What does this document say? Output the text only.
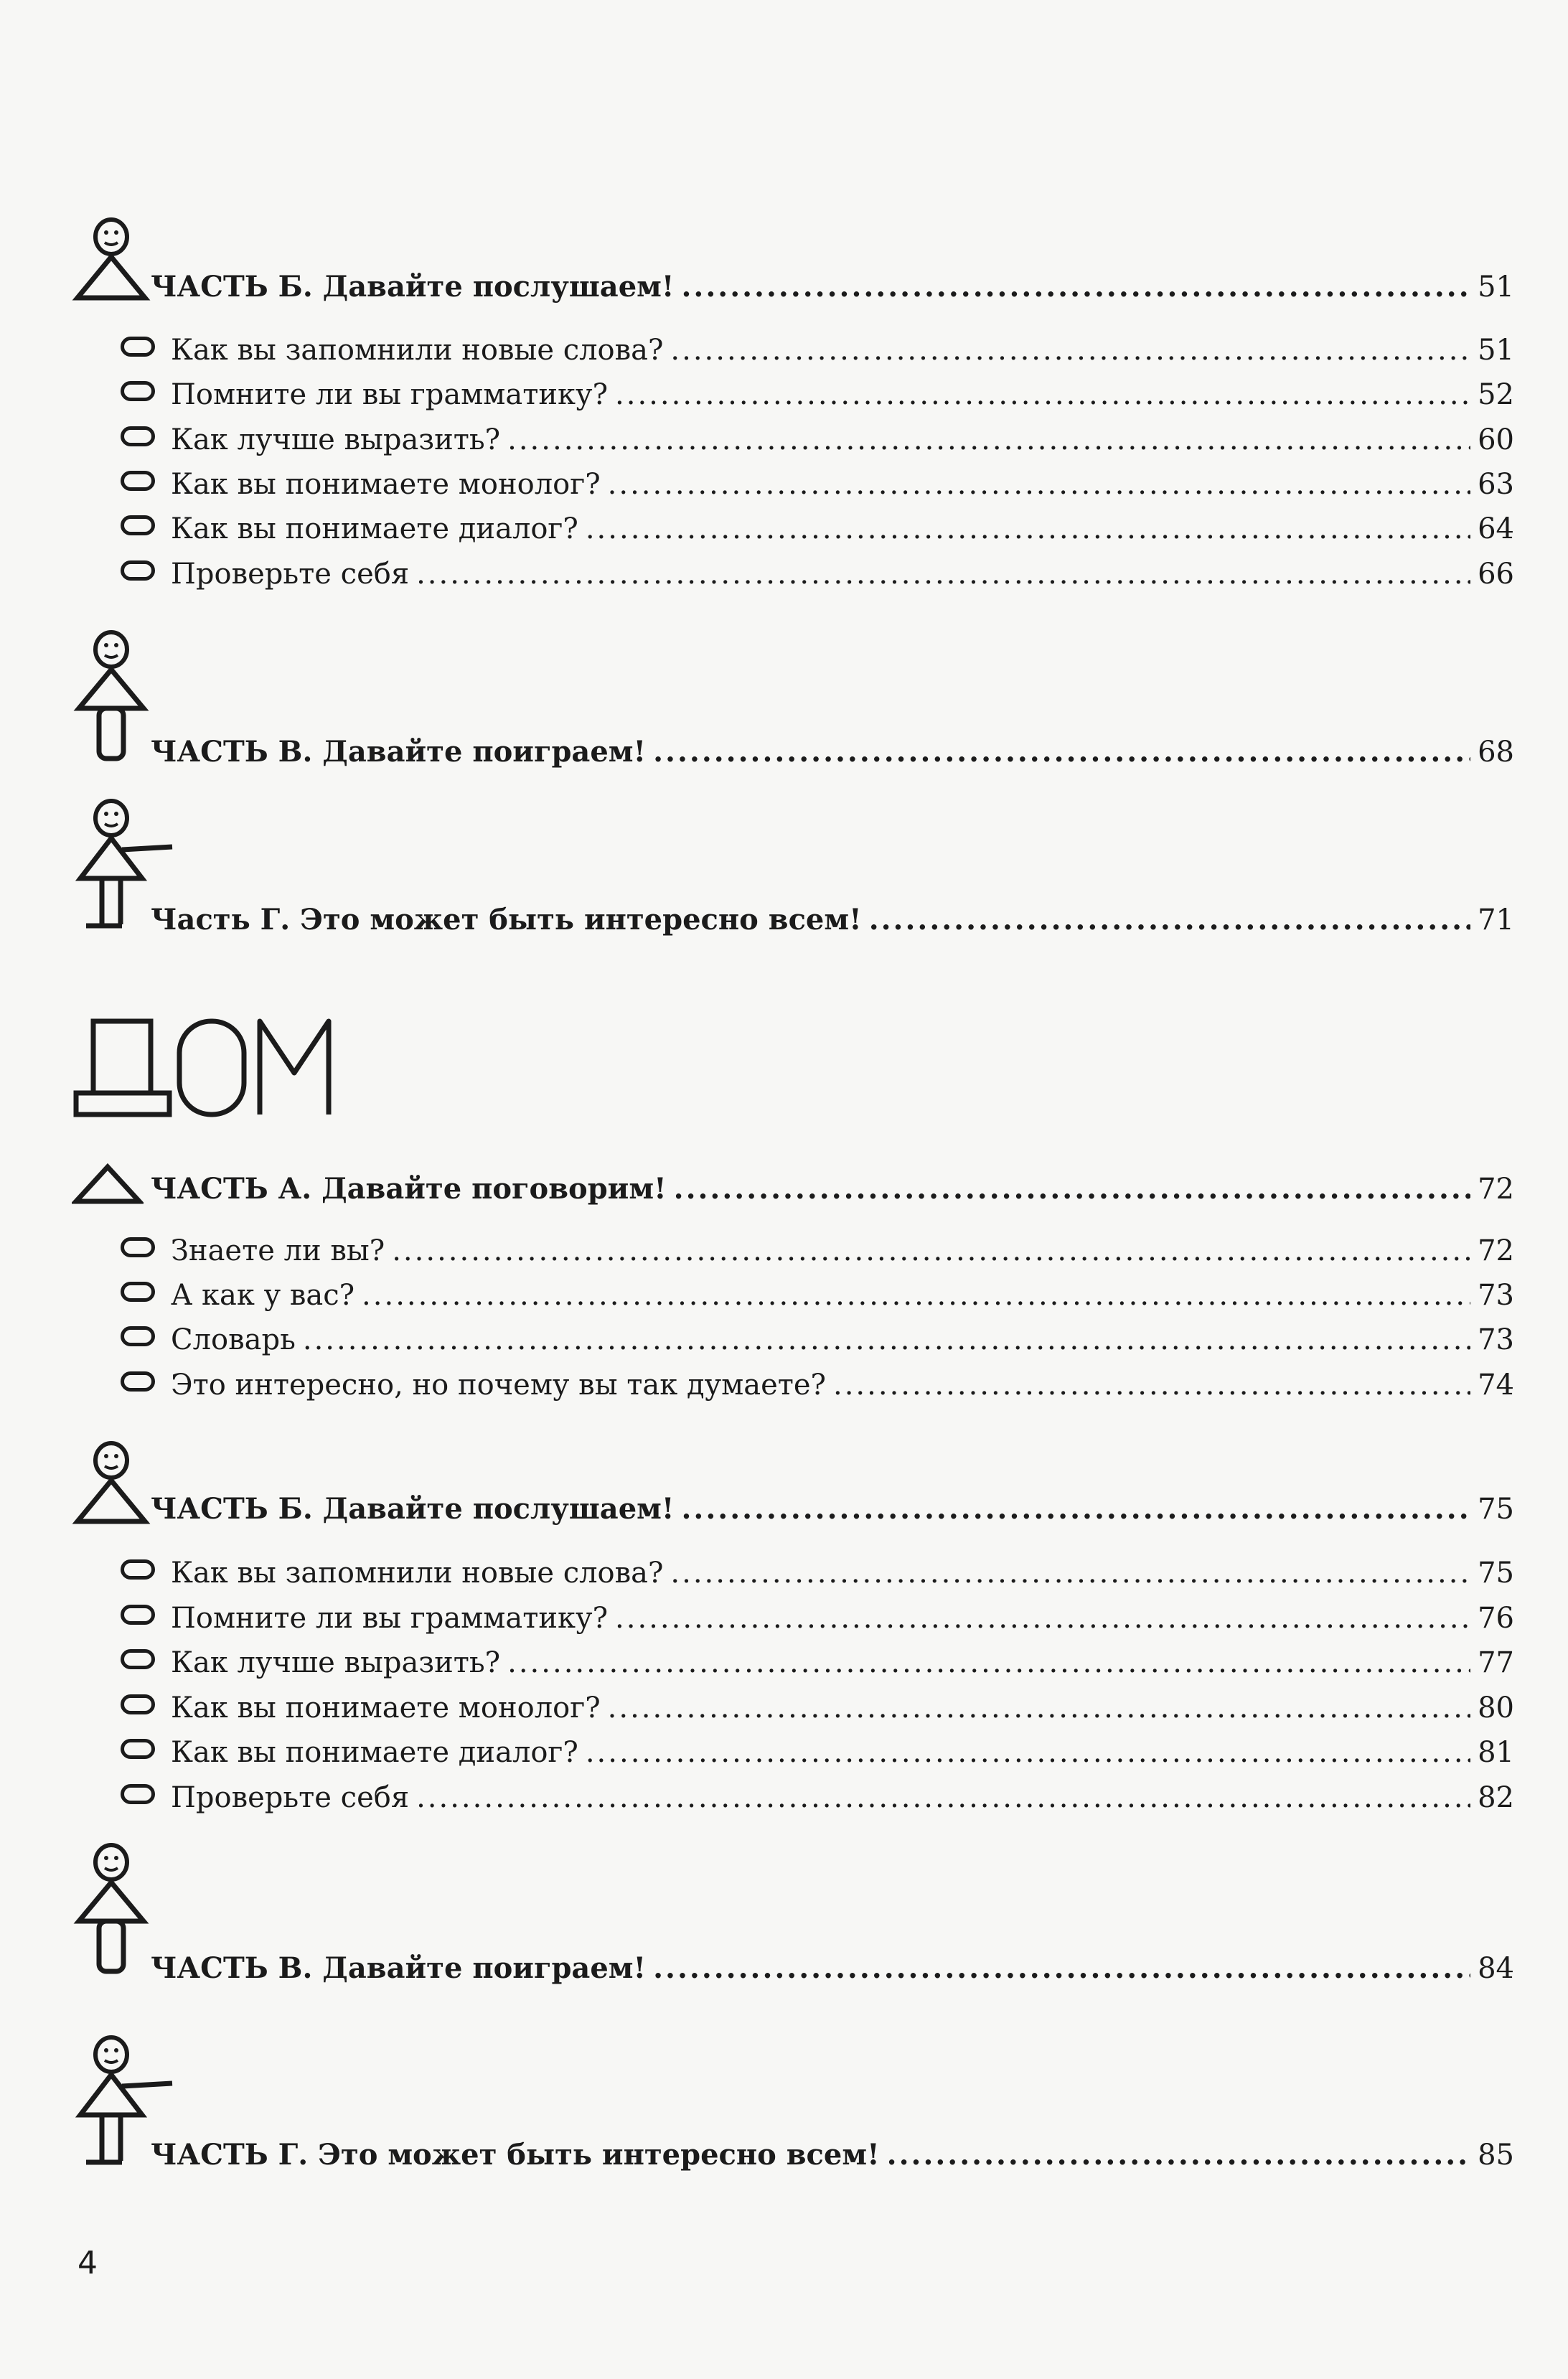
ЧАСТЬ Б. Давайте послушаем! .....	51
Как вы запомнили новые слова? .....	51
Помните ли вы грамматику? .....	52
Как лучше выразить? .....	60
Как вы понимаете монолог? .....	63
Как вы понимаете диалог? .....	64
Проверьте себя .....	66
ЧАСТЬ В. Давайте поиграем! .....	68
Часть Г. Это может быть интересно всем! .....	71
ЧАСТЬ А. Давайте поговорим! .....	72
Знаете ли вы? .....	72
А как у вас? .....	73
Словарь .....	73
Это интересно, но почему вы так думаете? .....	74
ЧАСТЬ Б. Давайте послушаем! .....	75
Как вы запомнили новые слова? .....	75
Помните ли вы грамматику? .....	76
Как лучше выразить? .....	77
Как вы понимаете монолог? .....	80
Как вы понимаете диалог? .....	81
Проверьте себя .....	82
ЧАСТЬ В. Давайте поиграем! .....	84
ЧАСТЬ Г. Это может быть интересно всем! .....	85
4
